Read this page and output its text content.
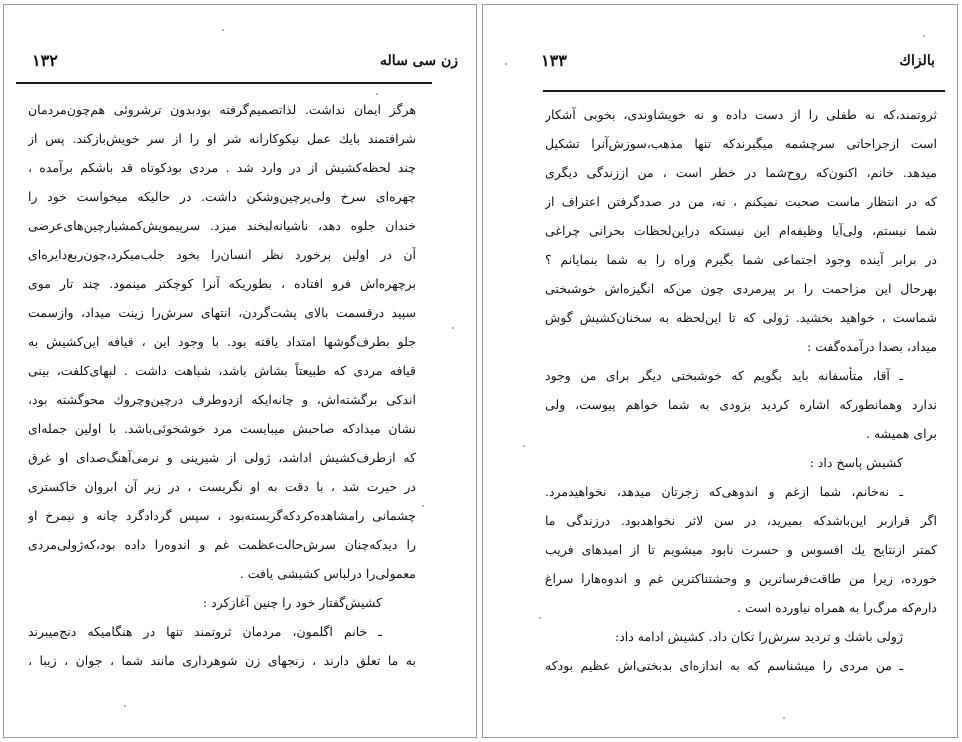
زن سی ساله
۱۳۲
هرگز ایمان نداشت. لذاتصمیم‌گرفته بودبدون ترشروئی هم‌چون‌مردمان
شرافتمند بایك عمل نیکوکارانه شر او را از سر خویش‌بازکند. پس از
چند لحظه‌کشیش از در وارد شد . مردی بودکوتاه قد باشکم برآمده ،
چهره‌ای سرخ ولی‌پرچین‌وشکن داشت. در حالیکه میخواست خود را
خندان جلوه دهد، ناشیانه‌لبخند میزد. سرپیمویش‌کمشیارچین‌های‌عرضی
آن در اولین برخورد نظر انسان‌را بخود جلب‌میکرد،چون‌ربع‌دایره‌ای
برچهره‌اش فرو افتاده ، بطوریکه آنرا کوچکتر مینمود. چند تار موی
سپید درقسمت بالای پشت‌گردن، انتهای سرش‌را زینت میداد، وازسمت
جلو بطرف‌گوشها امتداد یافته بود. با وجود این ، قیافه این‌کشیش به
قیافه مردی که طبیعتاً بشاش باشد، شباهت داشت . لبهای‌کلفت، بینی
اندکی برگشته‌اش، و چانه‌ایکه ازدوطرف درچین‌وچروك محوگشته بود،
نشان میداد‌که صاحبش میبایست مرد خوشخوئی‌باشد. با اولین جمله‌ای
که ازطرف‌کشیش اداشد، ژولی از شیرینی و نرمی‌آهنگ‌صدای او غرق
در حیرت شد ، با دقت به او نگریست ، در زیر آن ابروان خاکستری
چشمانی رامشاهده‌کردکه‌گریسته‌بود ، سپس گردادگرد چانه و نیمرخ او
را دیدکه‌چنان سرش‌حالت‌عظمت غم و اندوه‌را داده بود،که‌ژولی‌مردی
معمولی‌را درلباس کشیشی یافت .
کشیش‌گفتار خود را چنین آغازکرد :
ـ خانم اگلمون، مردمان ثروتمند تنها در هنگامیکه دنج‌میبرند
به ما تعلق دارند ، زنجهای زن شوهرداری مانند شما ، جوان ، زیبا ،
بالزاك
۱۳۳
ثروتمند،که نه طفلی را از دست داده و نه خویشاوندی، بخوبی آشکار
است ازجراحاتی سرچشمه میگیرندکه تنها مذهب،سوزش‌آنرا تشکیل
میدهد. خانم، اکنون‌که روح‌شما در خطر است ، من اززندگی دیگری
که در انتظار ماست صحبت نمیکنم ، نه، من در صددگرفتن اعتراف از
شما نیستم، ولی‌آیا وظیفه‌ام این نیستکه دراین‌لحظات بحرانی چراغی
در برابر آینده وجود اجتماعی شما بگیرم وراه را به شما بنمایانم ؟
بهرحال این مزاحمت را بر پیرمردی چون من‌که انگیزه‌اش خوشبختی
شماست ، خواهید بخشید. ژولی که تا این‌لحظه به سخنان‌کشیش گوش
میداد، بصدا درآمده‌گفت :
ـ آقا، متأسفانه باید بگویم که خوشبختی دیگر برای من وجود
ندارد وهمانطورکه اشاره کردید بزودی به شما خواهم پیوست، ولی
برای همیشه .
کشیش پاسخ داد :
ـ نه‌خانم، شما ازغم و اندوهی‌که زجرتان میدهد، نخواهیدمرد.
اگر قراربر این‌باشدکه بمیرید، در سن لاثر نخواهدبود. درزندگی ما
کمتر ازنتایج یك افسوس و حسرت نابود میشویم تا از امیدهای فریب‌
خورده، زیرا من طاقت‌فرساترین و وحشتناکترین غم و اندوه‌هارا سراغ
دارم‌که مرگ‌را به همراه نیاورده است .
ژولی باشك و تردید سرش‌را تکان داد. کشیش ادامه داد:
ـ من مردی را میشناسم که به اندازه‌ای بدبختی‌اش عظیم بودکه
